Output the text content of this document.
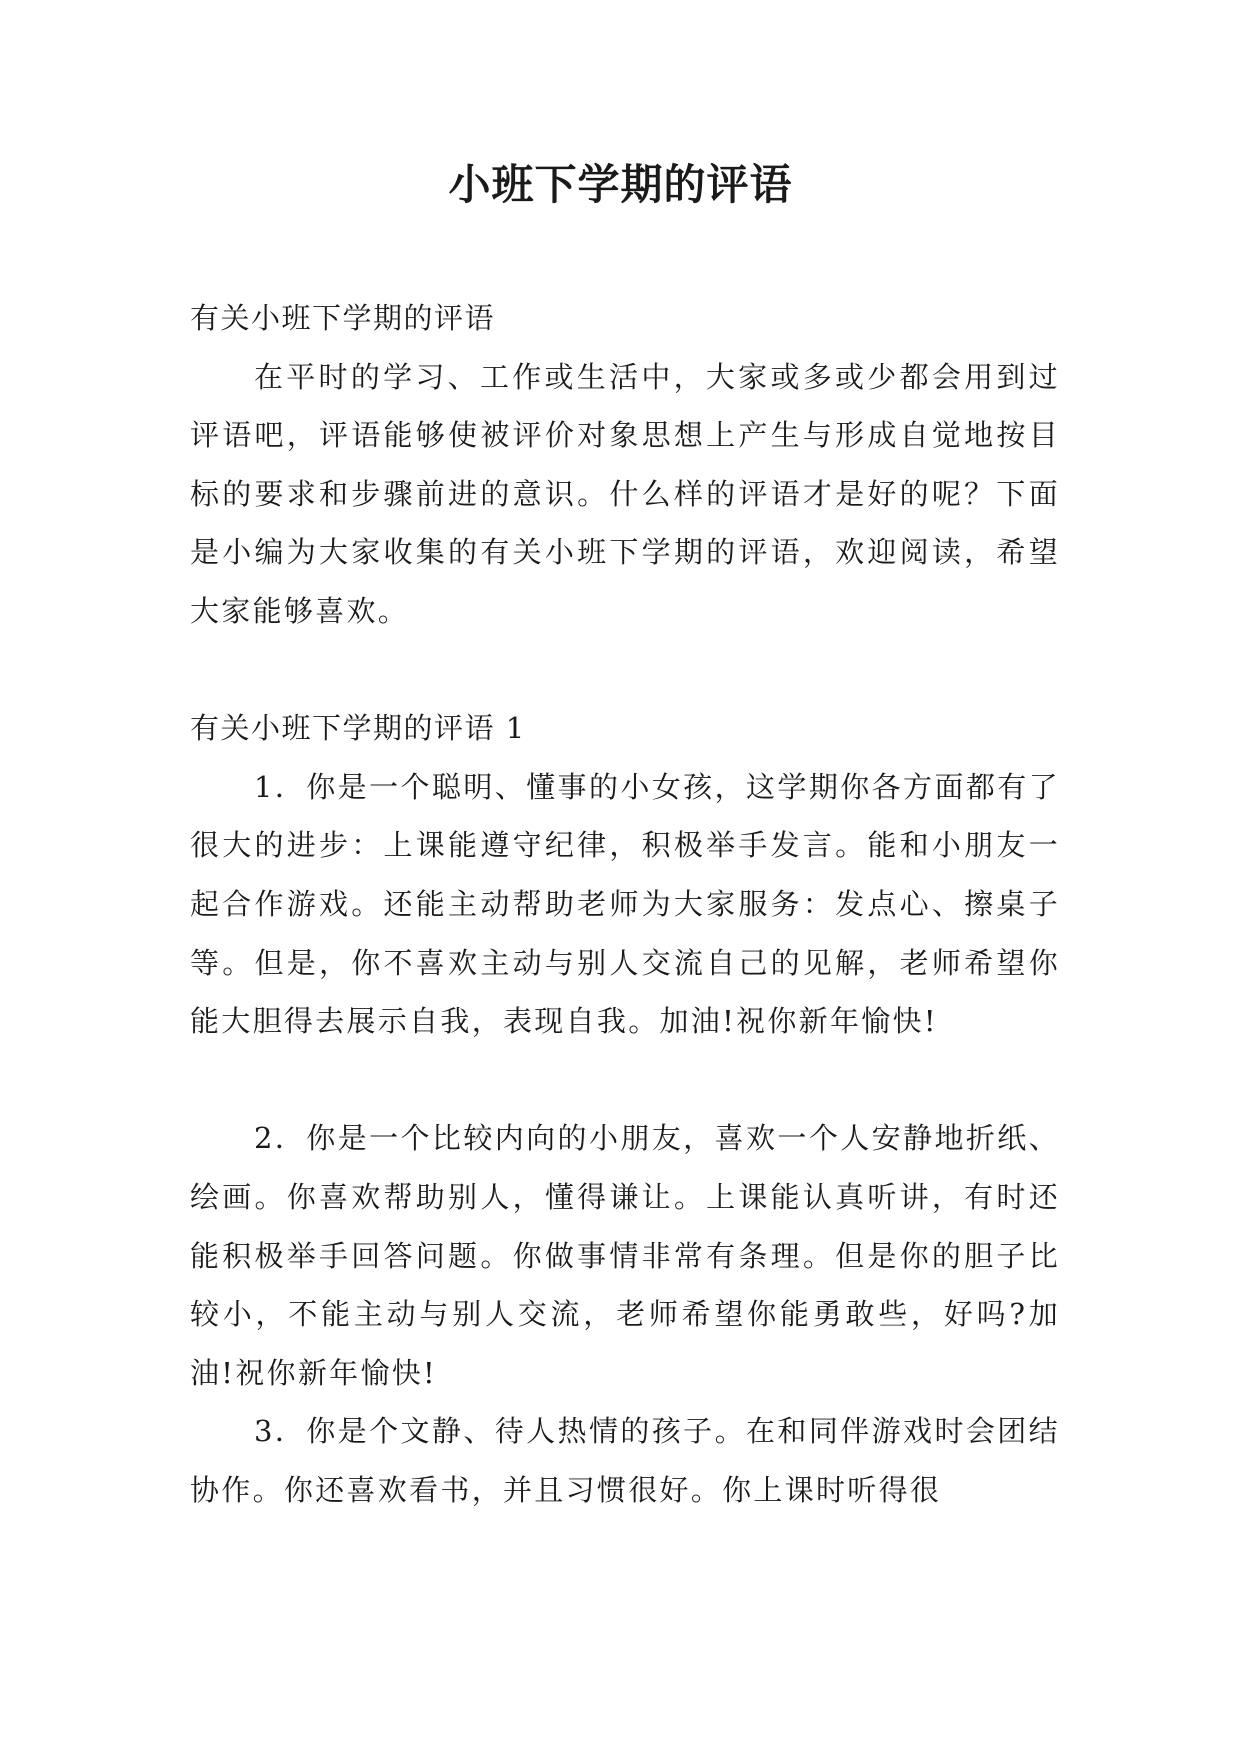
小班下学期的评语

有关小班下学期的评语

在平时的学习、工作或生活中，大家或多或少都会用到过评语吧，评语能够使被评价对象思想上产生与形成自觉地按目标的要求和步骤前进的意识。什么样的评语才是好的呢？下面是小编为大家收集的有关小班下学期的评语，欢迎阅读，希望大家能够喜欢。

有关小班下学期的评语 1

1．你是一个聪明、懂事的小女孩，这学期你各方面都有了很大的进步：上课能遵守纪律，积极举手发言。能和小朋友一起合作游戏。还能主动帮助老师为大家服务：发点心、擦桌子等。但是，你不喜欢主动与别人交流自己的见解，老师希望你能大胆得去展示自我，表现自我。加油!祝你新年愉快!

2．你是一个比较内向的小朋友，喜欢一个人安静地折纸、绘画。你喜欢帮助别人，懂得谦让。上课能认真听讲，有时还能积极举手回答问题。你做事情非常有条理。但是你的胆子比较小，不能主动与别人交流，老师希望你能勇敢些，好吗?加油!祝你新年愉快!

3．你是个文静、待人热情的孩子。在和同伴游戏时会团结协作。你还喜欢看书，并且习惯很好。你上课时听得很
